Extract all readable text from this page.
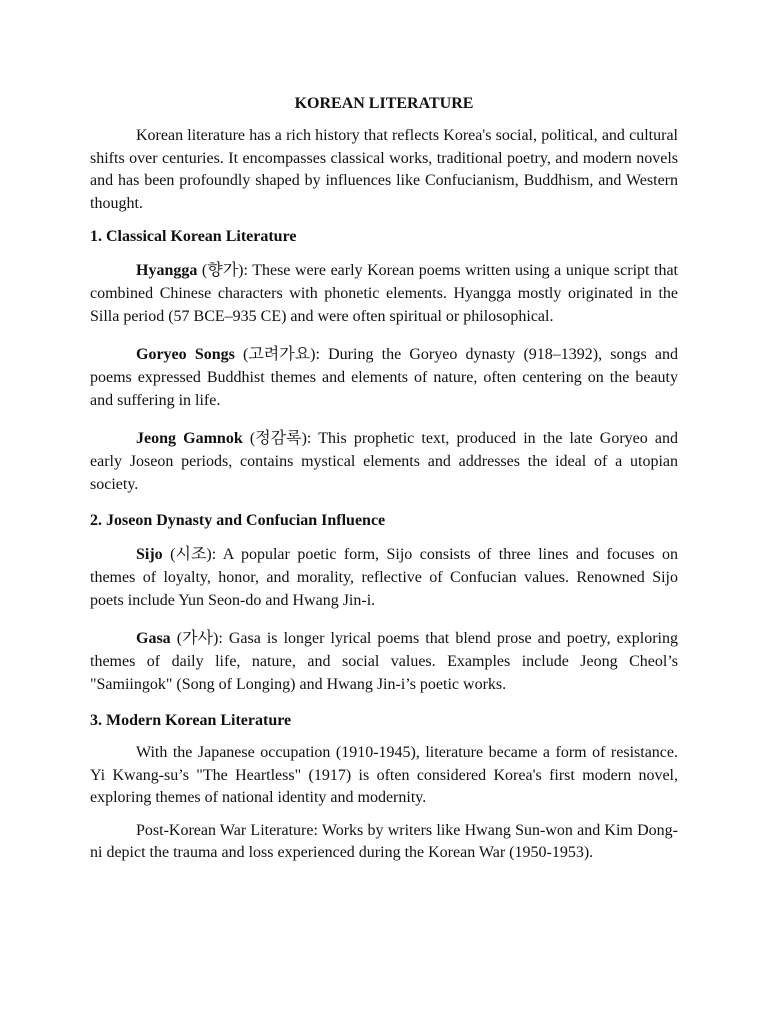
KOREAN LITERATURE

Korean literature has a rich history that reflects Korea's social, political, and cultural shifts over centuries. It encompasses classical works, traditional poetry, and modern novels and has been profoundly shaped by influences like Confucianism, Buddhism, and Western thought.

1. Classical Korean Literature

Hyangga (향가): These were early Korean poems written using a unique script that combined Chinese characters with phonetic elements. Hyangga mostly originated in the Silla period (57 BCE–935 CE) and were often spiritual or philosophical.

Goryeo Songs (고려가요): During the Goryeo dynasty (918–1392), songs and poems expressed Buddhist themes and elements of nature, often centering on the beauty and suffering in life.

Jeong Gamnok (정감록): This prophetic text, produced in the late Goryeo and early Joseon periods, contains mystical elements and addresses the ideal of a utopian society.

2. Joseon Dynasty and Confucian Influence

Sijo (시조): A popular poetic form, Sijo consists of three lines and focuses on themes of loyalty, honor, and morality, reflective of Confucian values. Renowned Sijo poets include Yun Seon-do and Hwang Jin-i.

Gasa (가사): Gasa is longer lyrical poems that blend prose and poetry, exploring themes of daily life, nature, and social values. Examples include Jeong Cheol’s "Samiingok" (Song of Longing) and Hwang Jin-i’s poetic works.

3. Modern Korean Literature

With the Japanese occupation (1910-1945), literature became a form of resistance. Yi Kwang-su’s "The Heartless" (1917) is often considered Korea's first modern novel, exploring themes of national identity and modernity.

Post-Korean War Literature: Works by writers like Hwang Sun-won and Kim Dong-ni depict the trauma and loss experienced during the Korean War (1950-1953).
